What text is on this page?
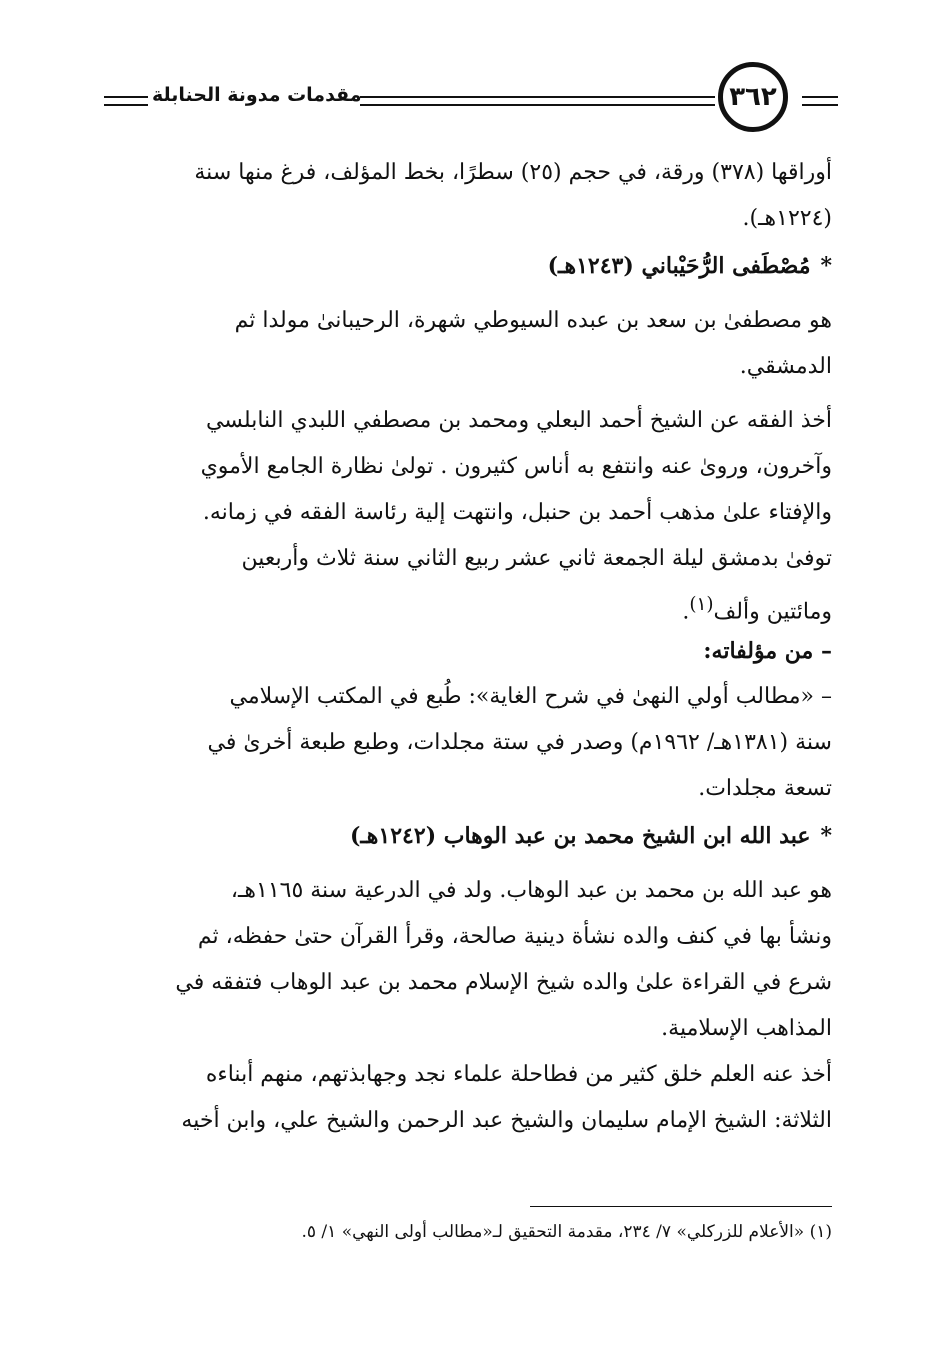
مقدمات مدونة الحنابلة	٣٦٢
أوراقها (٣٧٨) ورقة، في حجم (٢٥) سطرًا، بخط المؤلف، فرغ منها سنة
(١٢٢٤هـ).
*مُصْطَفى الرُّحَيْباني (١٢٤٣هـ)
هو مصطفىٰ بن سعد بن عبده السيوطي شهرة، الرحيبانىٰ مولدا ثم
الدمشقي.
أخذ الفقه عن الشيخ أحمد البعلي ومحمد بن مصطفي اللبدي النابلسي
وآخرون، ورویٰ عنه وانتفع به أناس كثيرون . تولىٰ نظارة الجامع الأموي
والإفتاء علىٰ مذهب أحمد بن حنبل، وانتهت إلية رئاسة الفقه في زمانه.
توفىٰ بدمشق ليلة الجمعة ثاني عشر ربيع الثاني سنة ثلاث وأربعين
ومائتين وألف$^{(١)}$.
– من مؤلفاته:
– «مطالب أولي النهىٰ في شرح الغاية»: طُبع في المكتب الإسلامي
سنة (١٣٨١هـ/ ١٩٦٢م) وصدر في ستة مجلدات، وطبع طبعة أخرىٰ في
تسعة مجلدات.
*عبد الله ابن الشيخ محمد بن عبد الوهاب (١٢٤٢هـ)
هو عبد الله بن محمد بن عبد الوهاب. ولد في الدرعية سنة ١١٦٥هـ،
ونشأ بها في كنف والده نشأة دينية صالحة، وقرأ القرآن حتىٰ حفظه، ثم
شرع في القراءة علىٰ والده شيخ الإسلام محمد بن عبد الوهاب فتفقه في
المذاهب الإسلامية.
أخذ عنه العلم خلق كثير من فطاحلة علماء نجد وجهابذتهم، منهم أبناءه
الثلاثة: الشيخ الإمام سليمان والشيخ عبد الرحمن والشيخ علي، وابن أخيه
(١) «الأعلام للزركلي» ٧/ ٢٣٤، مقدمة التحقيق لـ«مطالب أولى النهي» ١/ ٥.
